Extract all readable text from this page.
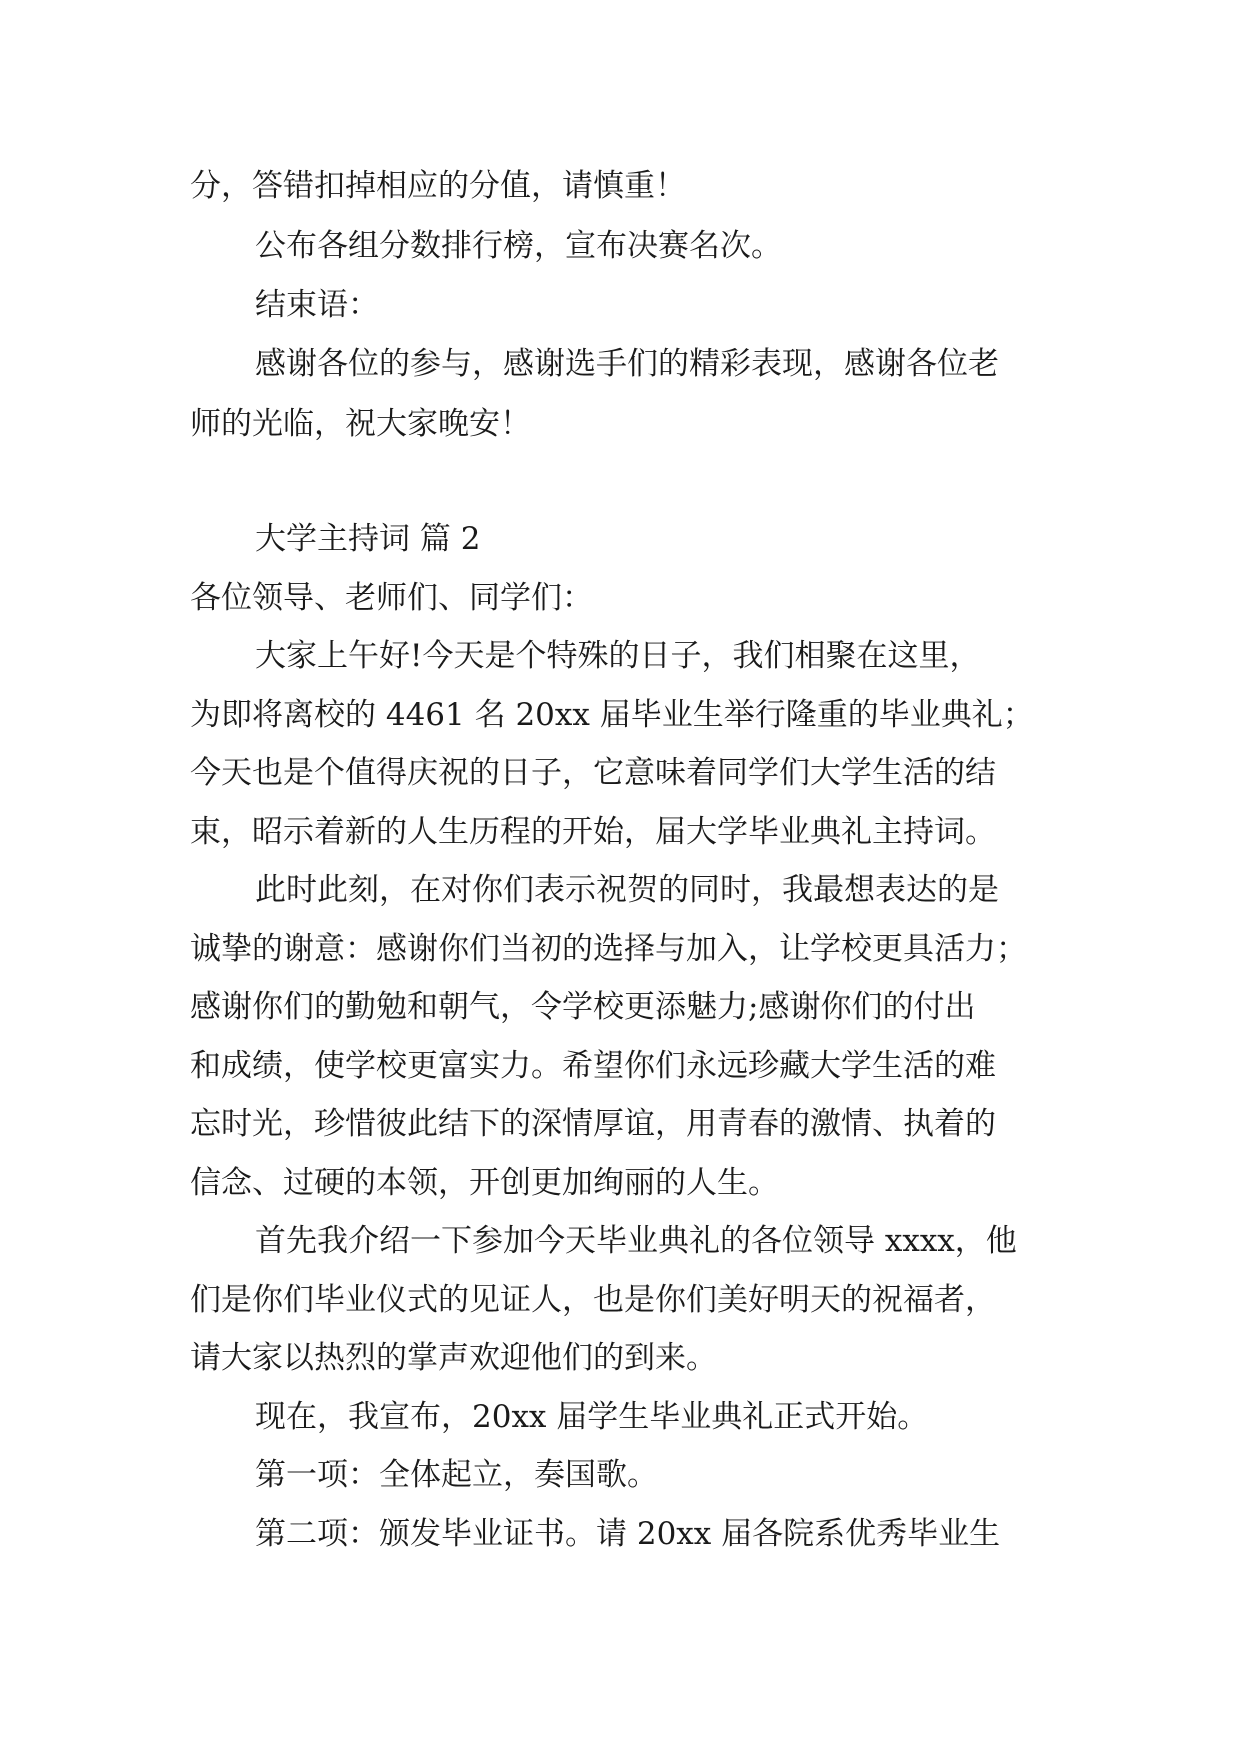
分，答错扣掉相应的分值，请慎重！
公布各组分数排行榜，宣布决赛名次。
结束语：
感谢各位的参与，感谢选手们的精彩表现，感谢各位老
师的光临，祝大家晚安！
大学主持词 篇 2
各位领导、老师们、同学们：
大家上午好!今天是个特殊的日子，我们相聚在这里，
为即将离校的 4461 名 20xx 届毕业生举行隆重的毕业典礼；
今天也是个值得庆祝的日子，它意味着同学们大学生活的结
束，昭示着新的人生历程的开始，届大学毕业典礼主持词。
此时此刻，在对你们表示祝贺的同时，我最想表达的是
诚挚的谢意：感谢你们当初的选择与加入，让学校更具活力；
感谢你们的勤勉和朝气，令学校更添魅力;感谢你们的付出
和成绩，使学校更富实力。希望你们永远珍藏大学生活的难
忘时光，珍惜彼此结下的深情厚谊，用青春的激情、执着的
信念、过硬的本领，开创更加绚丽的人生。
首先我介绍一下参加今天毕业典礼的各位领导 xxxx，他
们是你们毕业仪式的见证人，也是你们美好明天的祝福者，
请大家以热烈的掌声欢迎他们的到来。
现在，我宣布，20xx 届学生毕业典礼正式开始。
第一项：全体起立，奏国歌。
第二项：颁发毕业证书。请 20xx 届各院系优秀毕业生
